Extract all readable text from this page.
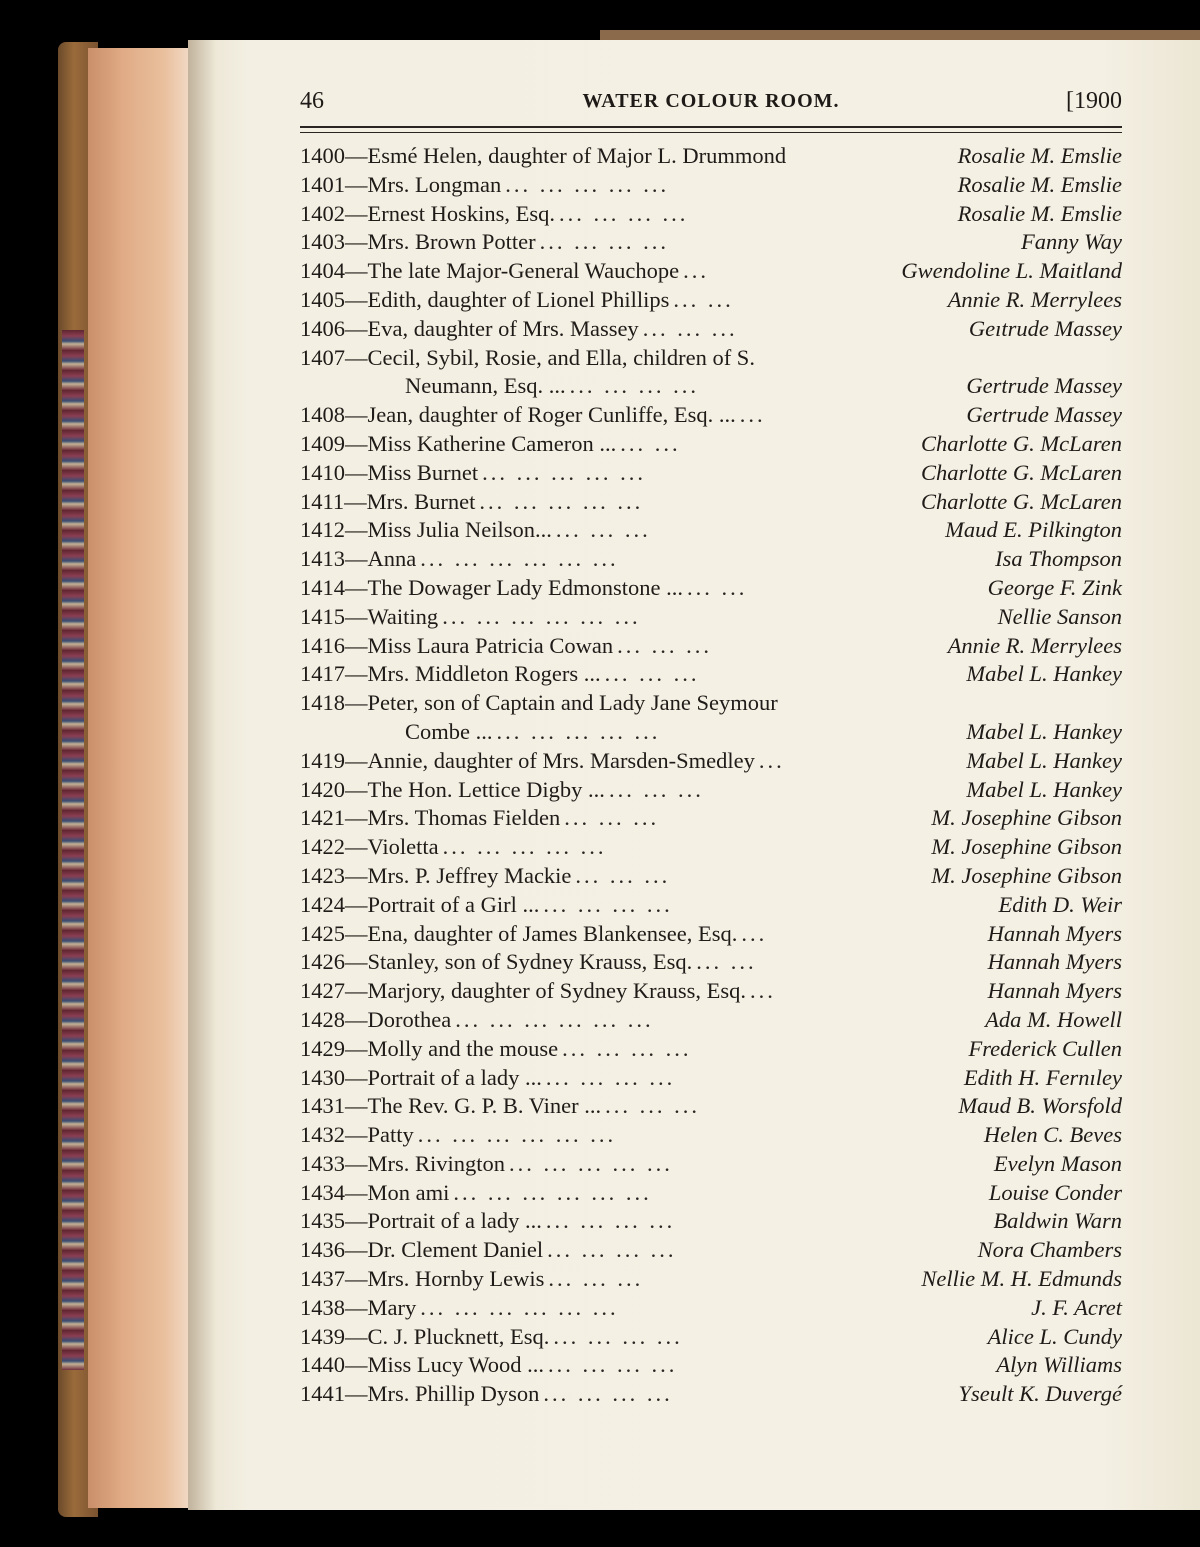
46	WATER COLOUR ROOM.	[1900
1400—Esmé Helen, daughter of Major L. Drummond	Rosalie M. Emslie
1401—Mrs. Longman ... ... ... ... ...	Rosalie M. Emslie
1402—Ernest Hoskins, Esq. ... ... ... ...	Rosalie M. Emslie
1403—Mrs. Brown Potter ... ... ... ...	Fanny Way
1404—The late Major-General Wauchope ...	Gwendoline L. Maitland
1405—Edith, daughter of Lionel Phillips ... ...	Annie R. Merrylees
1406—Eva, daughter of Mrs. Massey ... ... ...	Geıtrude Massey
1407—Cecil, Sybil, Rosie, and Ella, children of S.
Neumann, Esq. ... ... ... ... ...	Gertrude Massey
1408—Jean, daughter of Roger Cunliffe, Esq. ... ...	Gertrude Massey
1409—Miss Katherine Cameron ... ... ...	Charlotte G. McLaren
1410—Miss Burnet ... ... ... ... ...	Charlotte G. McLaren
1411—Mrs. Burnet ... ... ... ... ...	Charlotte G. McLaren
1412—Miss Julia Neilson... ... ... ...	Maud E. Pilkington
1413—Anna ... ... ... ... ... ...	Isa Thompson
1414—The Dowager Lady Edmonstone ... ... ...	George F. Zink
1415—Waiting ... ... ... ... ... ...	Nellie Sanson
1416—Miss Laura Patricia Cowan ... ... ...	Annie R. Merrylees
1417—Mrs. Middleton Rogers ... ... ... ...	Mabel L. Hankey
1418—Peter, son of Captain and Lady Jane Seymour
Combe ... ... ... ... ... ...	Mabel L. Hankey
1419—Annie, daughter of Mrs. Marsden-Smedley ...	Mabel L. Hankey
1420—The Hon. Lettice Digby ... ... ... ...	Mabel L. Hankey
1421—Mrs. Thomas Fielden ... ... ...	M. Josephine Gibson
1422—Violetta ... ... ... ... ...	M. Josephine Gibson
1423—Mrs. P. Jeffrey Mackie ... ... ...	M. Josephine Gibson
1424—Portrait of a Girl ... ... ... ... ...	Edith D. Weir
1425—Ena, daughter of James Blankensee, Esq. ...	Hannah Myers
1426—Stanley, son of Sydney Krauss, Esq. ... ...	Hannah Myers
1427—Marjory, daughter of Sydney Krauss, Esq. ...	Hannah Myers
1428—Dorothea ... ... ... ... ... ...	Ada M. Howell
1429—Molly and the mouse ... ... ... ...	Frederick Cullen
1430—Portrait of a lady ... ... ... ... ...	Edith H. Fernıley
1431—The Rev. G. P. B. Viner ... ... ... ...	Maud B. Worsfold
1432—Patty ... ... ... ... ... ...	Helen C. Beves
1433—Mrs. Rivington ... ... ... ... ...	Evelyn Mason
1434—Mon ami ... ... ... ... ... ...	Louise Conder
1435—Portrait of a lady ... ... ... ... ...	Baldwin Warn
1436—Dr. Clement Daniel ... ... ... ...	Nora Chambers
1437—Mrs. Hornby Lewis ... ... ...	Nellie M. H. Edmunds
1438—Mary ... ... ... ... ... ...	J. F. Acret
1439—C. J. Plucknett, Esq. ... ... ... ...	Alice L. Cundy
1440—Miss Lucy Wood ... ... ... ... ...	Alyn Williams
1441—Mrs. Phillip Dyson ... ... ... ...	Yseult K. Duvergé
